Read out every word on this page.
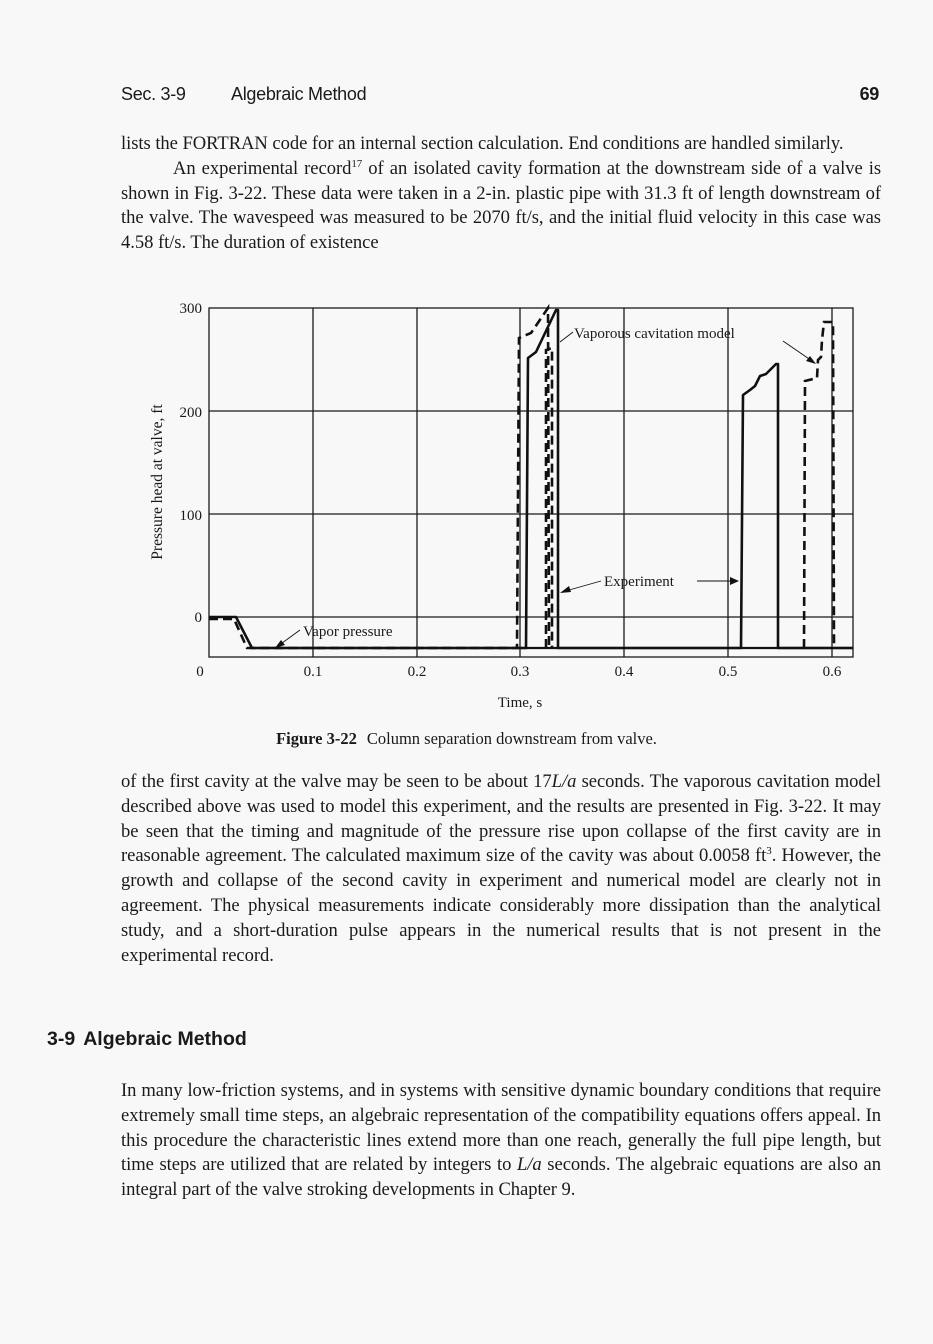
Sec. 3-9	Algebraic Method	69

lists the FORTRAN code for an internal section calculation. End conditions are handled similarly.

An experimental record$^{17}$ of an isolated cavity formation at the downstream side of a valve is shown in Fig. 3-22. These data were taken in a 2-in. plastic pipe with 31.3 ft of length downstream of the valve. The wavespeed was measured to be 2070 ft/s, and the initial fluid velocity in this case was 4.58 ft/s. The duration of existence

300
200
100
0
0	0.1	0.2	0.3	0.4	0.5	0.6
Time, s
Pressure head at valve, ft
Vaporous cavitation model
Experiment
Vapor pressure
Figure 3-22 Column separation downstream from valve.

of the first cavity at the valve may be seen to be about 17L/a seconds. The vaporous cavitation model described above was used to model this experiment, and the results are presented in Fig. 3-22. It may be seen that the timing and magnitude of the pressure rise upon collapse of the first cavity are in reasonable agreement. The calculated maximum size of the cavity was about 0.0058 $ft^3$. However, the growth and collapse of the second cavity in experiment and numerical model are clearly not in agreement. The physical measurements indicate considerably more dissipation than the analytical study, and a short-duration pulse appears in the numerical results that is not present in the experimental record.

3-9 Algebraic Method

In many low-friction systems, and in systems with sensitive dynamic boundary conditions that require extremely small time steps, an algebraic representation of the compatibility equations offers appeal. In this procedure the characteristic lines extend more than one reach, generally the full pipe length, but time steps are utilized that are related by integers to L/a seconds. The algebraic equations are also an integral part of the valve stroking developments in Chapter 9.
